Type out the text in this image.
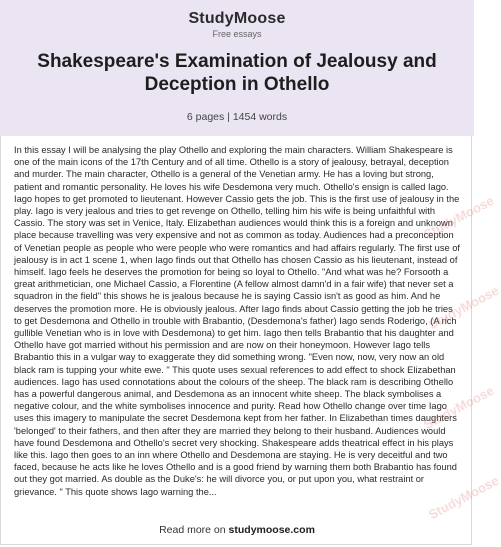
StudyMoose
Free essays
Shakespeare's Examination of Jealousy and Deception in Othello
6 pages | 1454 words
In this essay I will be analysing the play Othello and exploring the main characters. William Shakespeare is one of the main icons of the 17th Century and of all time. Othello is a story of jealousy, betrayal, deception and murder. The main character, Othello is a general of the Venetian army. He has a loving but strong, patient and romantic personality. He loves his wife Desdemona very much. Othello's ensign is called Iago. Iago hopes to get promoted to lieutenant. However Cassio gets the job. This is the first use of jealousy in the play. Iago is very jealous and tries to get revenge on Othello, telling him his wife is being unfaithful with Cassio. The story was set in Venice, Italy. Elizabethan audiences would think this is a foreign and unknown place because travelling was very expensive and not as common as today. Audiences had a preconception of Venetian people as people who were people who were romantics and had affairs regularly. The first use of jealousy is in act 1 scene 1, when Iago finds out that Othello has chosen Cassio as his lieutenant, instead of himself. Iago feels he deserves the promotion for being so loyal to Othello. "And what was he? Forsooth a great arithmetician, one Michael Cassio, a Florentine (A fellow almost damn'd in a fair wife) that never set a squadron in the field" this shows he is jealous because he is saying Cassio isn't as good as him. And he deserves the promotion more. He is obviously jealous. After Iago finds about Cassio getting the job he tries to get Desdemona and Othello in trouble with Brabantio, (Desdemona's father) Iago sends Roderigo, (A rich gullible Venetian who is in love with Desdemona) to get him. Iago then tells Brabantio that his daughter and Othello have got married without his permission and are now on their honeymoon. However Iago tells Brabantio this in a vulgar way to exaggerate they did something wrong. "Even now, now, very now an old black ram is tupping your white ewe. " This quote uses sexual references to add effect to shock Elizabethan audiences. Iago has used connotations about the colours of the sheep. The black ram is describing Othello has a powerful dangerous animal, and Desdemona as an innocent white sheep. The black symbolises a negative colour, and the white symbolises innocence and purity. Read how Othello change over time Iago uses this imagery to manipulate the secret Desdemona kept from her father. In Elizabethan times daughters 'belonged' to their fathers, and then after they are married they belong to their husband. Audiences would have found Desdemona and Othello's secret very shocking. Shakespeare adds theatrical effect in his plays like this. Iago then goes to an inn where Othello and Desdemona are staying. He is very deceitful and two faced, because he acts like he loves Othello and is a good friend by warning them both Brabantio has found out they got married. As double as the Duke's: he will divorce you, or put upon you, what restraint or grievance. " This quote shows Iago warning the...
StudyMoose
StudyMoose
StudyMoose
StudyMoose
Read more on studymoose.com
